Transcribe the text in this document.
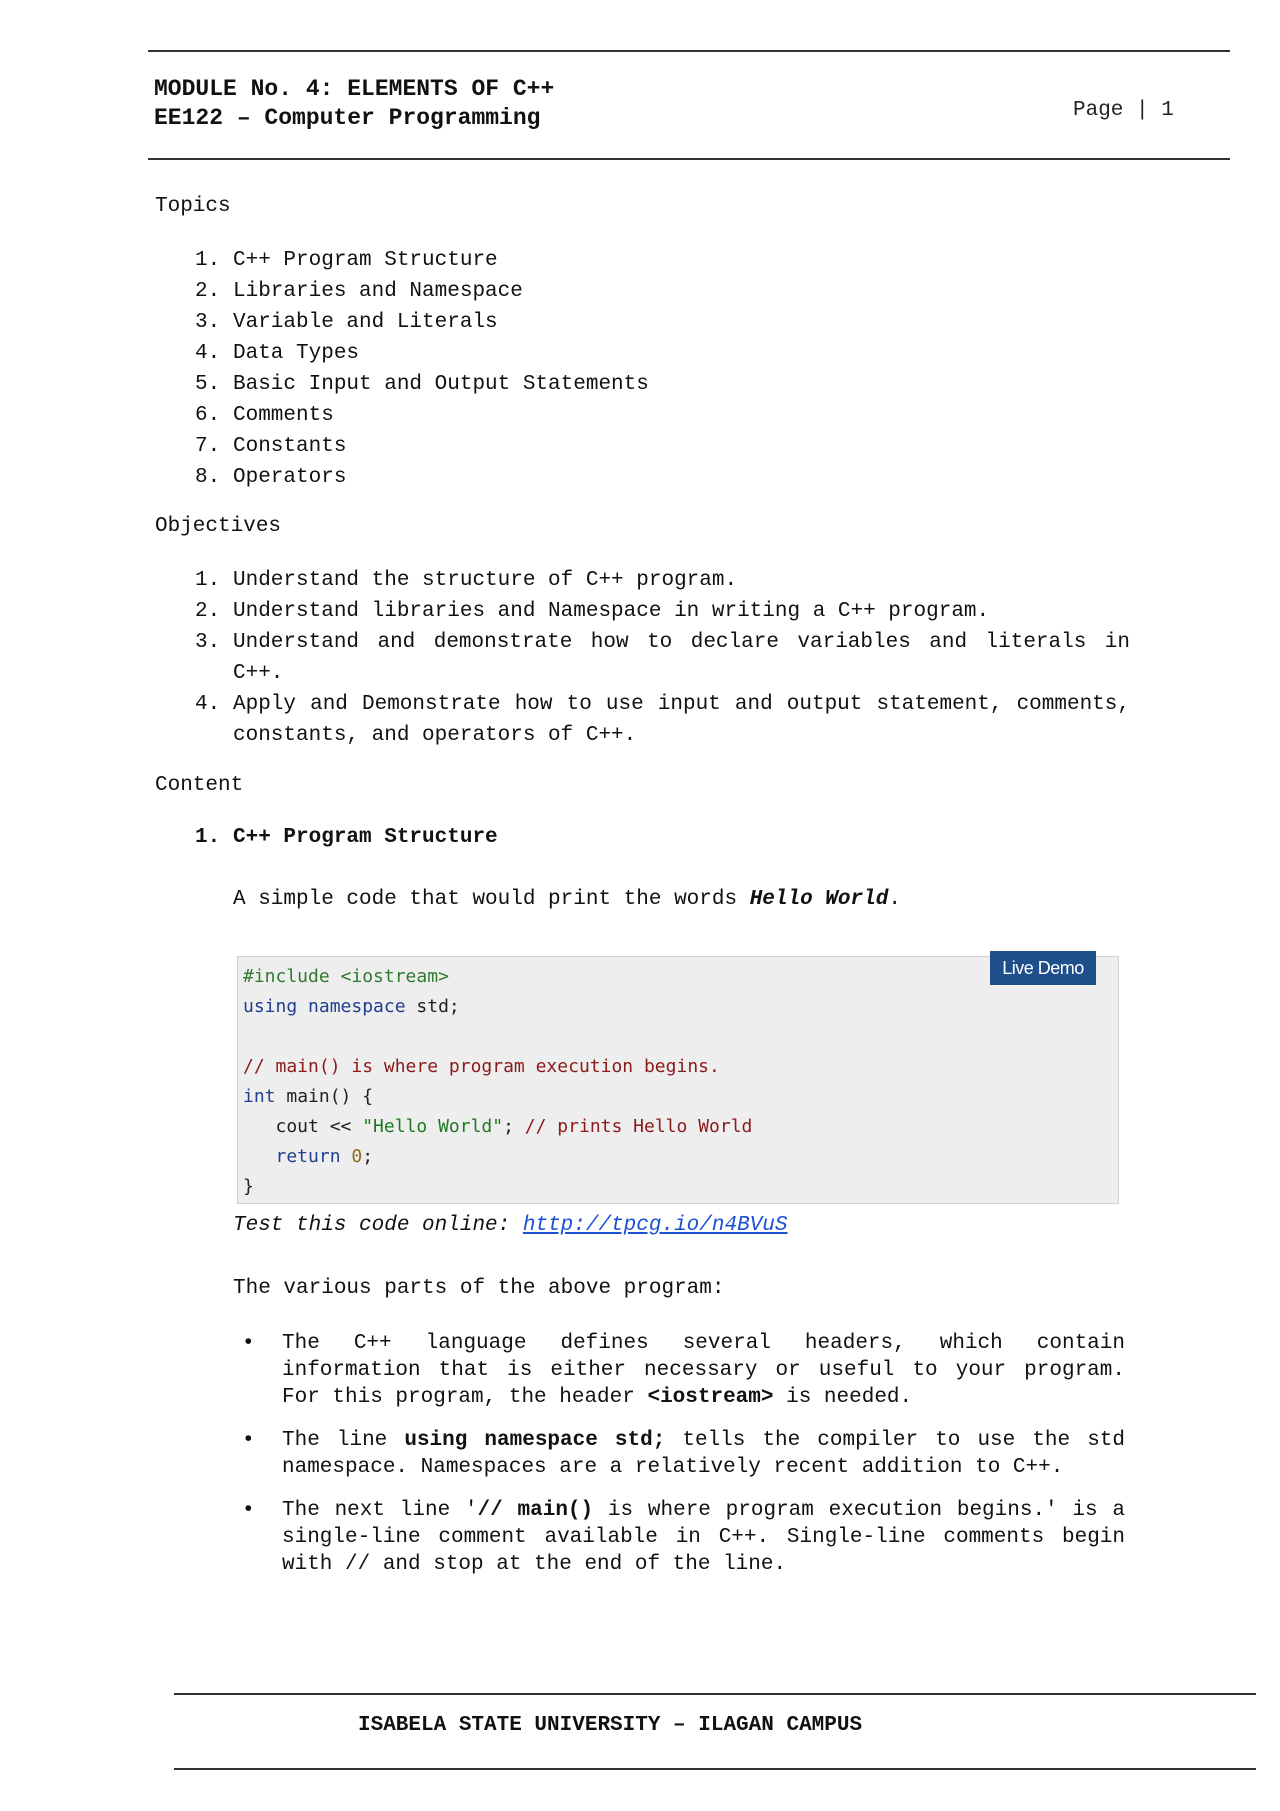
MODULE No. 4: ELEMENTS OF C++
EE122 – Computer Programming	Page | 1
Topics
1. C++ Program Structure
2. Libraries and Namespace
3. Variable and Literals
4. Data Types
5. Basic Input and Output Statements
6. Comments
7. Constants
8. Operators
Objectives
1. Understand the structure of C++ program.
2. Understand libraries and Namespace in writing a C++ program.
3. Understand and demonstrate how to declare variables and literals in C++.
4. Apply and Demonstrate how to use input and output statement, comments, constants, and operators of C++.
Content
1. C++ Program Structure
A simple code that would print the words Hello World.
#include <iostream>
using namespace std;
// main() is where program execution begins.
int main() {
cout << "Hello World"; // prints Hello World
return 0;
}
Live Demo
Test this code online: http://tpcg.io/n4BVuS
The various parts of the above program:
• The C++ language defines several headers, which contain information that is either necessary or useful to your program. For this program, the header <iostream> is needed.
• The line using namespace std; tells the compiler to use the std namespace. Namespaces are a relatively recent addition to C++.
• The next line '// main() is where program execution begins.' is a single-line comment available in C++. Single-line comments begin with // and stop at the end of the line.
ISABELA STATE UNIVERSITY – ILAGAN CAMPUS
